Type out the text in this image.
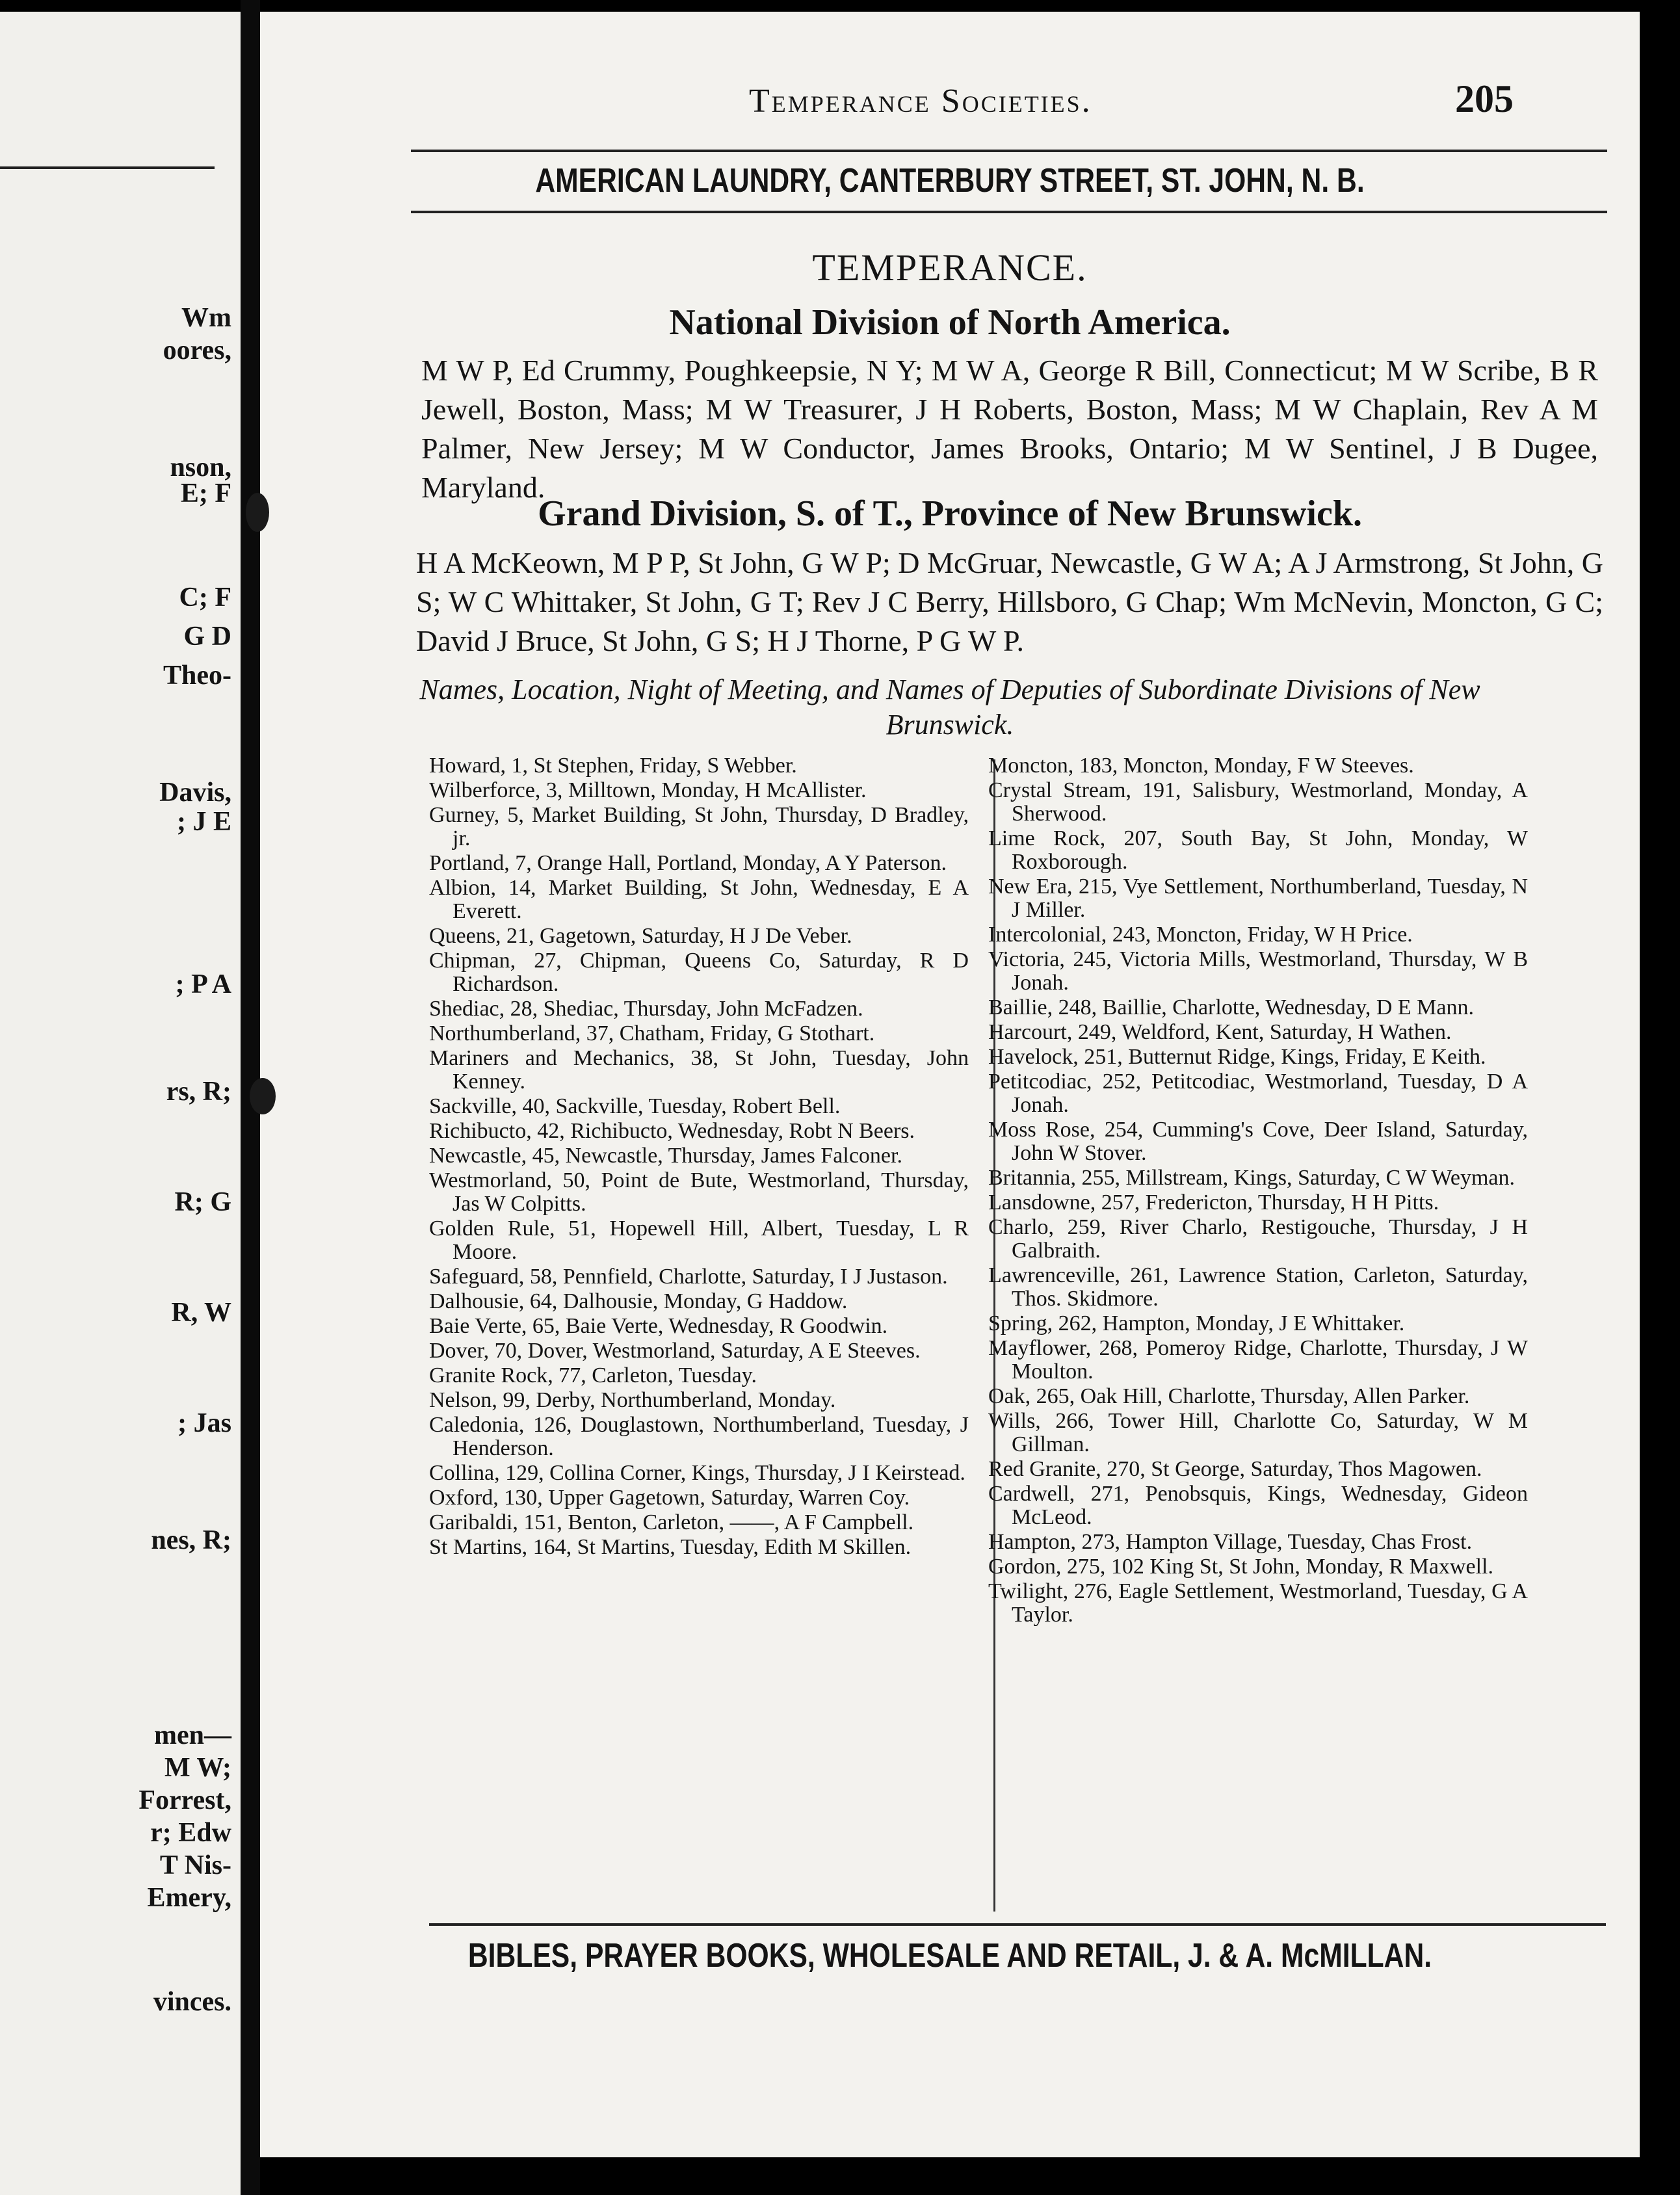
Wm
oores,
nson,
E; F
C; F
G D
Theo-
Davis,
; J E
; P A
rs, R;
R; G
R, W
; Jas
nes, R;
men—
M W;
Forrest,
r; Edw
T Nis-
Emery,
vinces.
Temperance Societies.	205
AMERICAN LAUNDRY, CANTERBURY STREET, ST. JOHN, N. B.
TEMPERANCE.
National Division of North America.
M W P, Ed Crummy, Poughkeepsie, N Y; M W A, George R Bill, Connecticut; M W Scribe, B R Jewell, Boston, Mass; M W Treasurer, J H Roberts, Boston, Mass; M W Chaplain, Rev A M Palmer, New Jersey; M W Conductor, James Brooks, Ontario; M W Sentinel, J B Dugee, Maryland.
Grand Division, S. of T., Province of New Brunswick.
H A McKeown, M P P, St John, G W P; D McGruar, Newcastle, G W A; A J Armstrong, St John, G S; W C Whittaker, St John, G T; Rev J C Berry, Hillsboro, G Chap; Wm McNevin, Moncton, G C; David J Bruce, St John, G S; H J Thorne, P G W P.
Names, Location, Night of Meeting, and Names of Deputies of Subordinate Divisions of New Brunswick.
Howard, 1, St Stephen, Friday, S Webber.
Wilberforce, 3, Milltown, Monday, H McAllister.
Gurney, 5, Market Building, St John, Thursday, D Bradley, jr.
Portland, 7, Orange Hall, Portland, Monday, A Y Paterson.
Albion, 14, Market Building, St John, Wednesday, E A Everett.
Queens, 21, Gagetown, Saturday, H J De Veber.
Chipman, 27, Chipman, Queens Co, Saturday, R D Richardson.
Shediac, 28, Shediac, Thursday, John McFadzen.
Northumberland, 37, Chatham, Friday, G Stothart.
Mariners and Mechanics, 38, St John, Tuesday, John Kenney.
Sackville, 40, Sackville, Tuesday, Robert Bell.
Richibucto, 42, Richibucto, Wednesday, Robt N Beers.
Newcastle, 45, Newcastle, Thursday, James Falconer.
Westmorland, 50, Point de Bute, Westmorland, Thursday, Jas W Colpitts.
Golden Rule, 51, Hopewell Hill, Albert, Tuesday, L R Moore.
Safeguard, 58, Pennfield, Charlotte, Saturday, I J Justason.
Dalhousie, 64, Dalhousie, Monday, G Haddow.
Baie Verte, 65, Baie Verte, Wednesday, R Goodwin.
Dover, 70, Dover, Westmorland, Saturday, A E Steeves.
Granite Rock, 77, Carleton, Tuesday.
Nelson, 99, Derby, Northumberland, Monday.
Caledonia, 126, Douglastown, Northumberland, Tuesday, J Henderson.
Collina, 129, Collina Corner, Kings, Thursday, J I Keirstead.
Oxford, 130, Upper Gagetown, Saturday, Warren Coy.
Garibaldi, 151, Benton, Carleton, ——, A F Campbell.
St Martins, 164, St Martins, Tuesday, Edith M Skillen.
Moncton, 183, Moncton, Monday, F W Steeves.
Crystal Stream, 191, Salisbury, Westmorland, Monday, A Sherwood.
Lime Rock, 207, South Bay, St John, Monday, W Roxborough.
New Era, 215, Vye Settlement, Northumberland, Tuesday, N J Miller.
Intercolonial, 243, Moncton, Friday, W H Price.
Victoria, 245, Victoria Mills, Westmorland, Thursday, W B Jonah.
Baillie, 248, Baillie, Charlotte, Wednesday, D E Mann.
Harcourt, 249, Weldford, Kent, Saturday, H Wathen.
Havelock, 251, Butternut Ridge, Kings, Friday, E Keith.
Petitcodiac, 252, Petitcodiac, Westmorland, Tuesday, D A Jonah.
Moss Rose, 254, Cumming's Cove, Deer Island, Saturday, John W Stover.
Britannia, 255, Millstream, Kings, Saturday, C W Weyman.
Lansdowne, 257, Fredericton, Thursday, H H Pitts.
Charlo, 259, River Charlo, Restigouche, Thursday, J H Galbraith.
Lawrenceville, 261, Lawrence Station, Carleton, Saturday, Thos. Skidmore.
Spring, 262, Hampton, Monday, J E Whittaker.
Mayflower, 268, Pomeroy Ridge, Charlotte, Thursday, J W Moulton.
Oak, 265, Oak Hill, Charlotte, Thursday, Allen Parker.
Wills, 266, Tower Hill, Charlotte Co, Saturday, W M Gillman.
Red Granite, 270, St George, Saturday, Thos Magowen.
Cardwell, 271, Penobsquis, Kings, Wednesday, Gideon McLeod.
Hampton, 273, Hampton Village, Tuesday, Chas Frost.
Gordon, 275, 102 King St, St John, Monday, R Maxwell.
Twilight, 276, Eagle Settlement, Westmorland, Tuesday, G A Taylor.
BIBLES, PRAYER BOOKS, WHOLESALE AND RETAIL, J. & A. McMILLAN.
